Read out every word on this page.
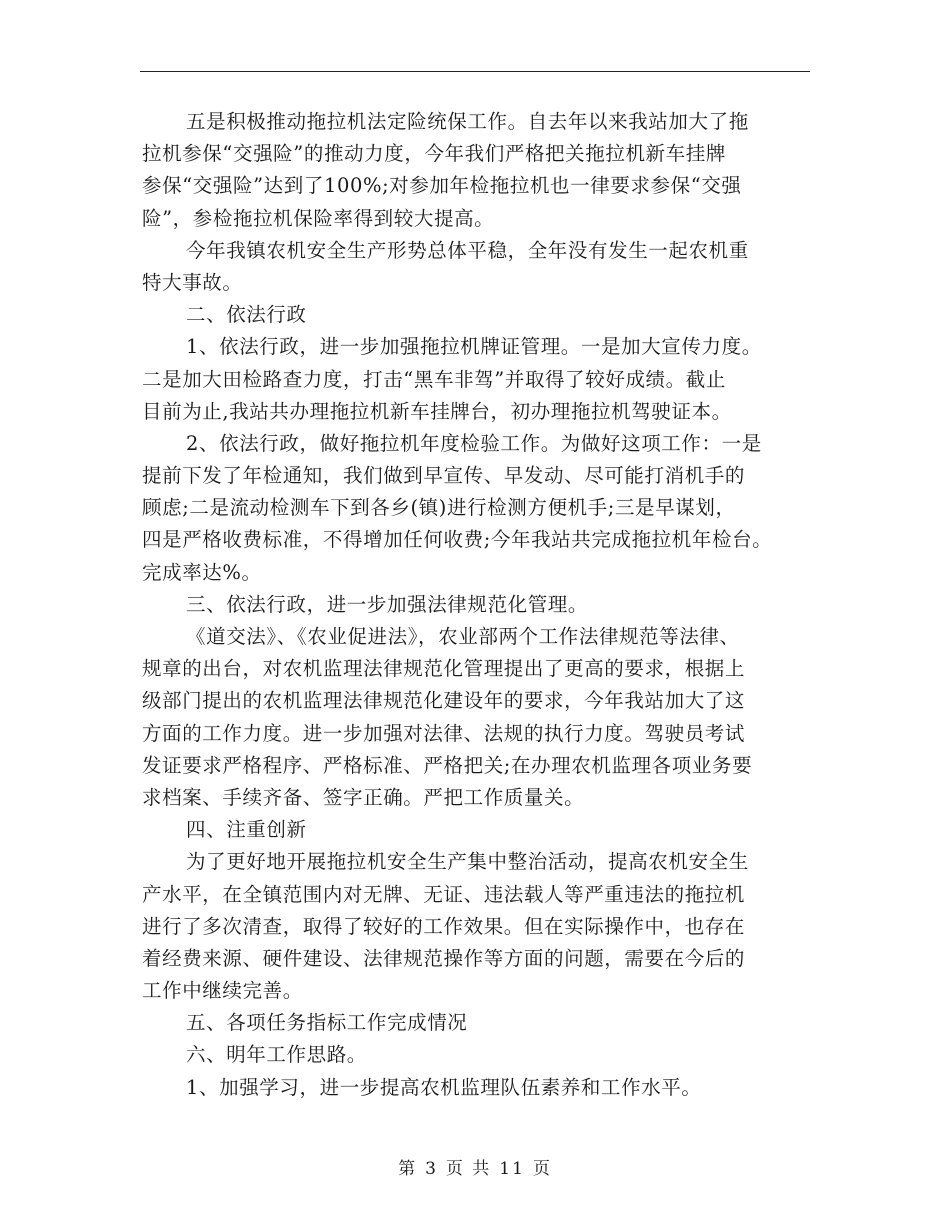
五是积极推动拖拉机法定险统保工作。自去年以来我站加大了拖
拉机参保“交强险”的推动力度，今年我们严格把关拖拉机新车挂牌
参保“交强险”达到了100%;对参加年检拖拉机也一律要求参保“交强
险”，参检拖拉机保险率得到较大提高。
今年我镇农机安全生产形势总体平稳，全年没有发生一起农机重
特大事故。
二、依法行政
1、依法行政，进一步加强拖拉机牌证管理。一是加大宣传力度。
二是加大田检路查力度，打击“黑车非驾”并取得了较好成绩。截止
目前为止,我站共办理拖拉机新车挂牌台，初办理拖拉机驾驶证本。
2、依法行政，做好拖拉机年度检验工作。为做好这项工作：一是
提前下发了年检通知，我们做到早宣传、早发动、尽可能打消机手的
顾虑;二是流动检测车下到各乡(镇)进行检测方便机手;三是早谋划，
四是严格收费标准，不得增加任何收费;今年我站共完成拖拉机年检台。
完成率达%。
三、依法行政，进一步加强法律规范化管理。
《道交法》、《农业促进法》，农业部两个工作法律规范等法律、
规章的出台，对农机监理法律规范化管理提出了更高的要求，根据上
级部门提出的农机监理法律规范化建设年的要求，今年我站加大了这
方面的工作力度。进一步加强对法律、法规的执行力度。驾驶员考试
发证要求严格程序、严格标准、严格把关;在办理农机监理各项业务要
求档案、手续齐备、签字正确。严把工作质量关。
四、注重创新
为了更好地开展拖拉机安全生产集中整治活动，提高农机安全生
产水平，在全镇范围内对无牌、无证、违法载人等严重违法的拖拉机
进行了多次清查，取得了较好的工作效果。但在实际操作中，也存在
着经费来源、硬件建设、法律规范操作等方面的问题，需要在今后的
工作中继续完善。
五、各项任务指标工作完成情况
六、明年工作思路。
1、加强学习，进一步提高农机监理队伍素养和工作水平。
第 3 页 共 11 页
